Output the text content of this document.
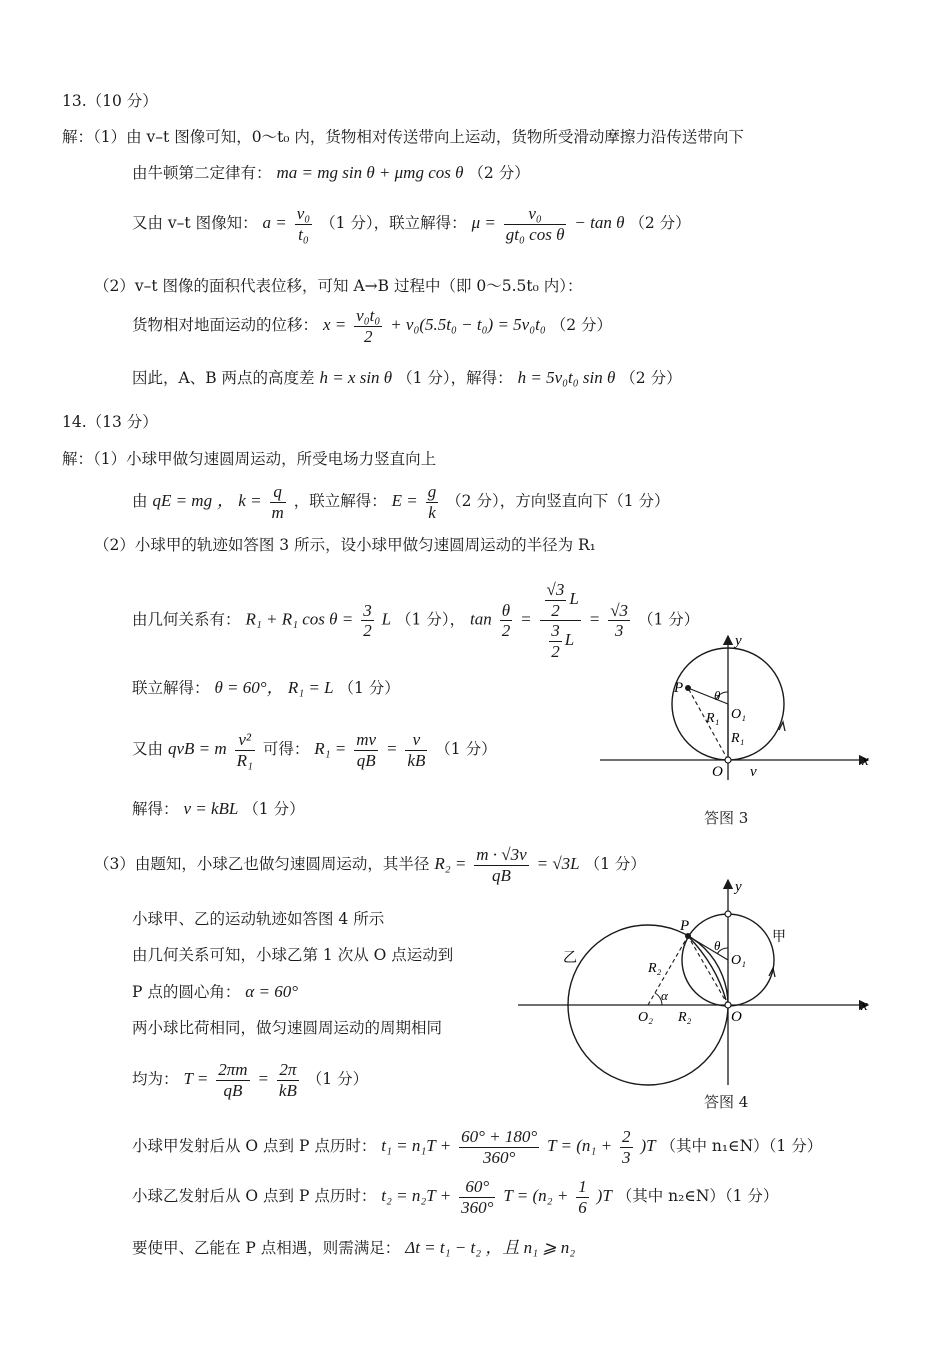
13.（10 分）
解：（1）由 v–t 图像可知，0～t₀ 内，货物相对传送带向上运动，货物所受滑动摩擦力沿传送带向下
由牛顿第二定律有： ma = mg sin θ + μmg cos θ （2 分）
又由 v–t 图像知： $a = \frac{\text{v₀}}{\text{t₀}} (1$ 分），联立解得： $\mu = \frac{\text{v₀}}{\text{gt₀ cos θ}} - \tan \theta$ （2 分）
（2）v–t 图像的面积代表位移，可知 A→B 过程中（即 0～5.5t₀ 内）：
货物相对地面运动的位移： $x = \frac{\text{v₀t₀}}{2} + v_0(5.5t_0 - t_0) = 5v_0t_0$ （2 分）
因此，A、B 两点的高度差 h = x sin θ （1 分），解得： h = 5v₀t₀ sin θ （2 分）
14.（13 分）
解：（1）小球甲做匀速圆周运动，所受电场力竖直向上
由 qE = mg ， $k = \frac{q}{m}$ ，联立解得： $E = \frac{g}{k} (2$ 分），方向竖直向下（1 分）
（2）小球甲的轨迹如答图 3 所示，设小球甲做匀速圆周运动的半径为 R₁
由几何关系有： R₁ + R₁ $\cos \theta = \frac{3}{2}$ L （1 分）， $\tan \frac{\theta}{2} = \frac{\frac{√3}{2} L}{\frac{3}{2} L} = \frac{√3}{3} (1$ 分）
联立解得： θ = 60°， R₁ = L （1 分）
又由 qvB = m $\frac{\text{v²}}{\text{R₁}}$ 可得： $R_1 = \frac{mv}{qB} = \frac{v}{kB} (1$ 分）
解得： v = kBL （1 分）
（3）由题知，小球乙也做匀速圆周运动，其半径 $R_2 = \frac{m \cdot √3v}{qB} = √3L$ （1 分）
小球甲、乙的运动轨迹如答图 4 所示
由几何关系可知，小球乙第 1 次从 O 点运动到
P 点的圆心角： α = 60°
两小球比荷相同，做匀速圆周运动的周期相同
均为： $T = \frac{2\pi m}{qB} = \frac{2\pi}{kB} (1$ 分）
小球甲发射后从 O 点到 P 点历时： $t_1 = n_1T + \frac{60^\circ + 180^\circ}{360^\circ}$ $T = (n_1 + \frac{2}{3} )T$ （其中 n₁∈N）（1 分）
小球乙发射后从 O 点到 P 点历时： $t_2 = n_2T + \frac{60^\circ}{360^\circ}$ $T = (n_2 + \frac{1}{6} )T$ （其中 n₂∈N）（1 分）
要使甲、乙能在 P 点相遇，则需满足： Δt = t₁ − t₂ ，且 n₁ ⩾ n₂
y
x
O v
P θ
O₁
R₁
R₁
答图 3
y
x
O
P
θ
O₁
O₂
R₂
R₂
α
甲
乙
答图 4
